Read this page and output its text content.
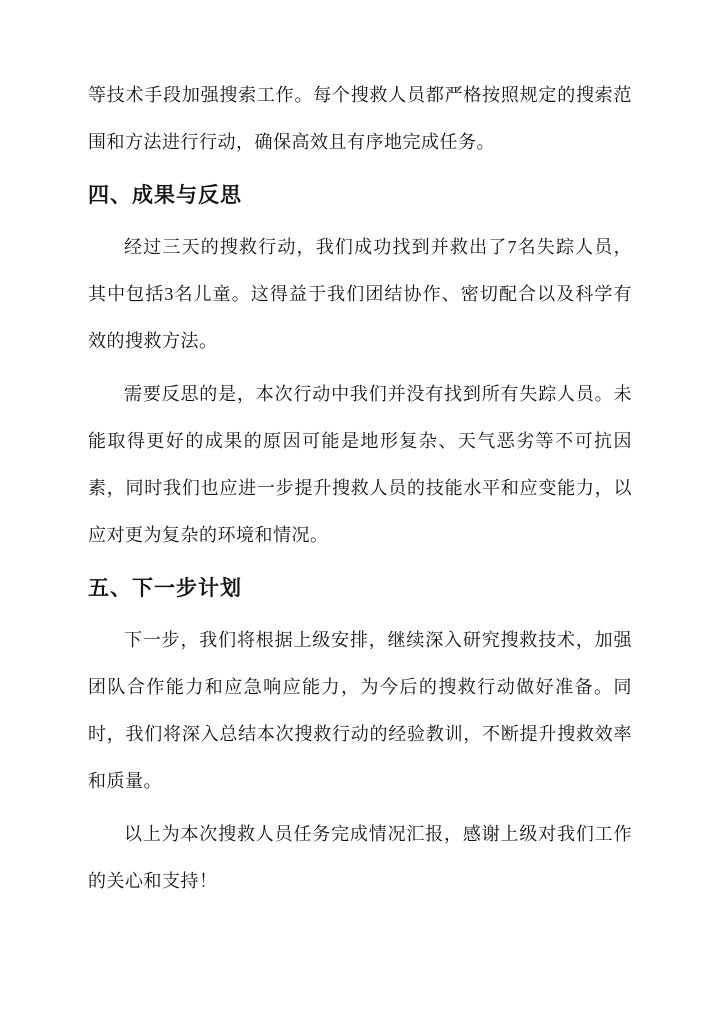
等技术手段加强搜索工作。每个搜救人员都严格按照规定的搜索范围和方法进行行动，确保高效且有序地完成任务。

四、成果与反思

经过三天的搜救行动，我们成功找到并救出了7名失踪人员，其中包括3名儿童。这得益于我们团结协作、密切配合以及科学有效的搜救方法。

需要反思的是，本次行动中我们并没有找到所有失踪人员。未能取得更好的成果的原因可能是地形复杂、天气恶劣等不可抗因素，同时我们也应进一步提升搜救人员的技能水平和应变能力，以应对更为复杂的环境和情况。

五、下一步计划

下一步，我们将根据上级安排，继续深入研究搜救技术，加强团队合作能力和应急响应能力，为今后的搜救行动做好准备。同时，我们将深入总结本次搜救行动的经验教训，不断提升搜救效率和质量。

以上为本次搜救人员任务完成情况汇报，感谢上级对我们工作的关心和支持！
